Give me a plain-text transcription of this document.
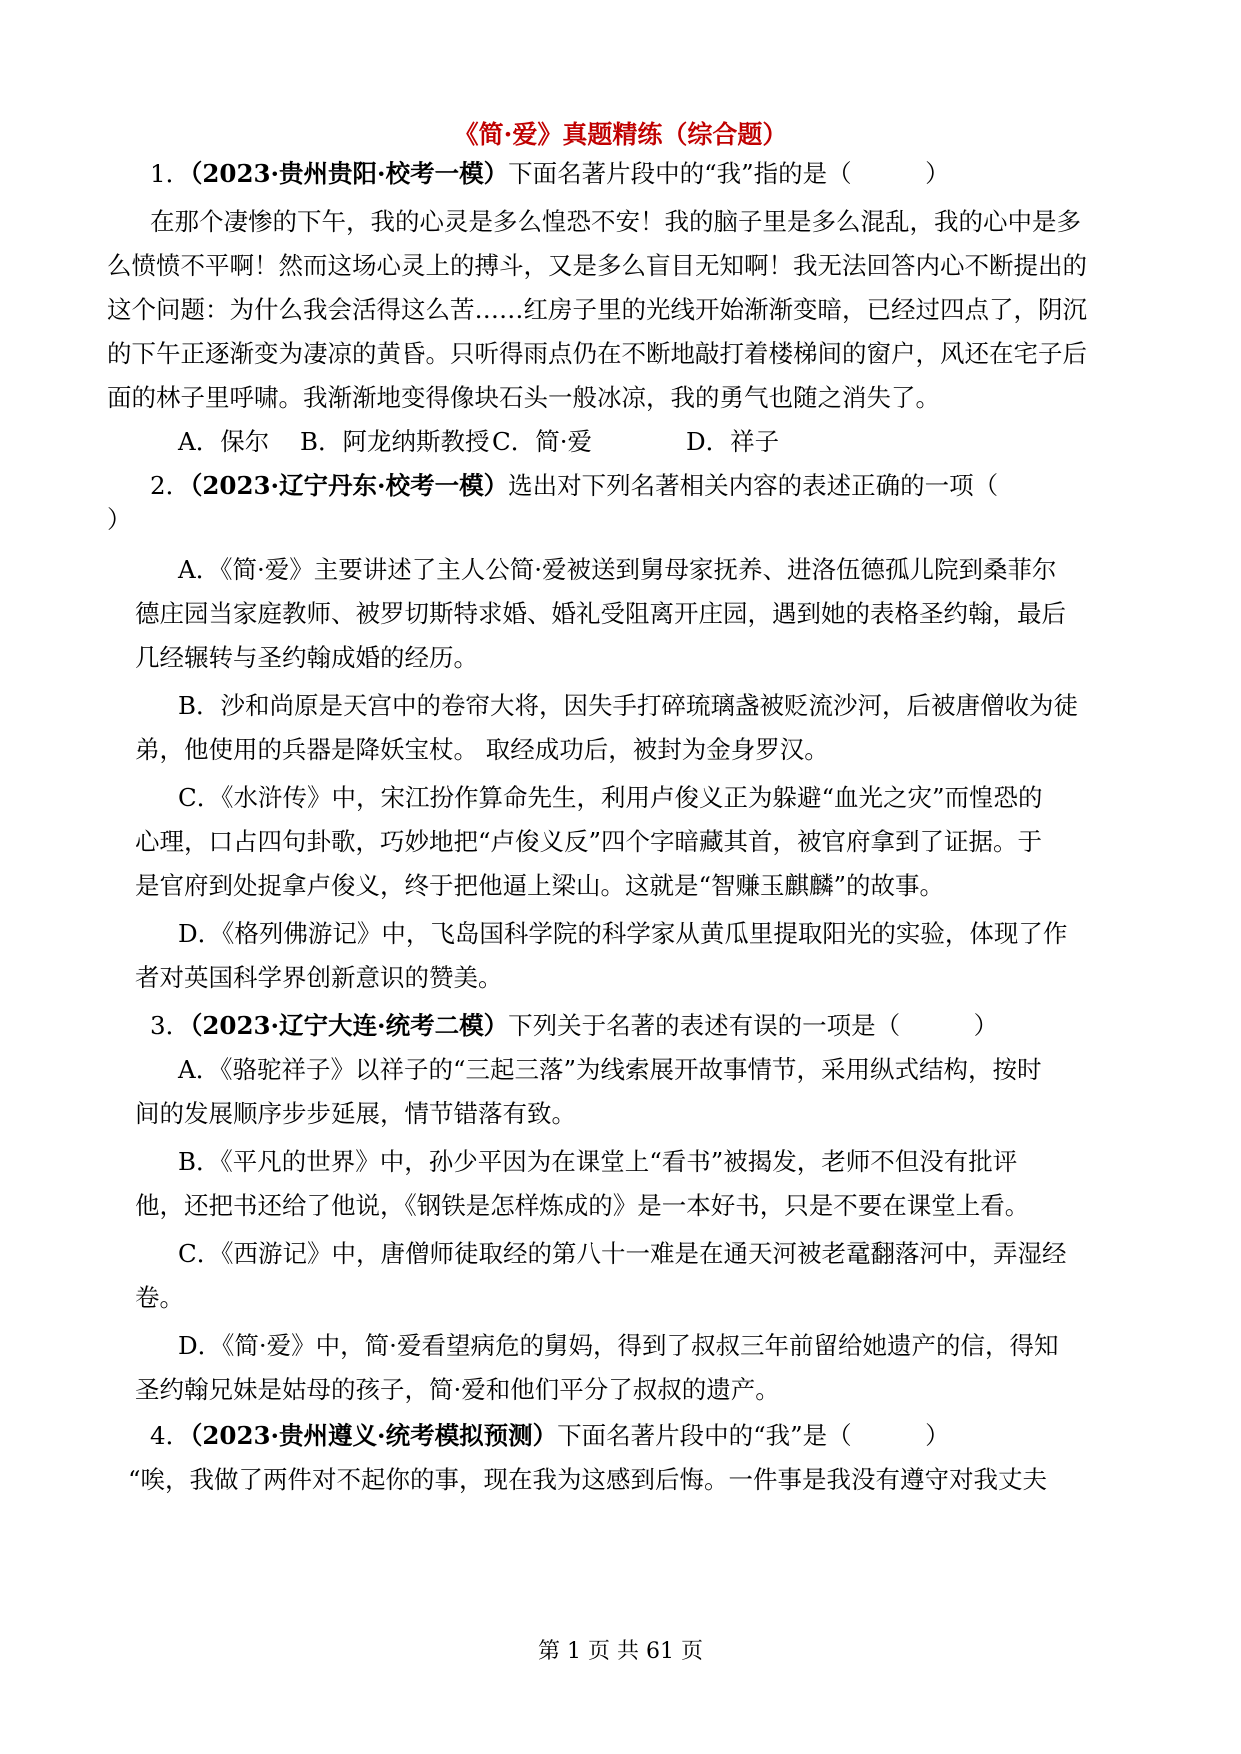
《简·爱》真题精练（综合题）
1．（2023·贵州贵阳·校考一模）下面名著片段中的“我”指的是（　　　）
在那个凄惨的下午，我的心灵是多么惶恐不安！我的脑子里是多么混乱，我的心中是多
么愤愤不平啊！然而这场心灵上的搏斗，又是多么盲目无知啊！我无法回答内心不断提出的
这个问题：为什么我会活得这么苦……红房子里的光线开始渐渐变暗，已经过四点了，阴沉
的下午正逐渐变为凄凉的黄昏。只听得雨点仍在不断地敲打着楼梯间的窗户，风还在宅子后
面的林子里呼啸。我渐渐地变得像块石头一般冰凉，我的勇气也随之消失了。
A．保尔 B．阿龙纳斯教授 C．简·爱	D．祥子
2．（2023·辽宁丹东·校考一模）选出对下列名著相关内容的表述正确的一项（
）
A．《简·爱》主要讲述了主人公简·爱被送到舅母家抚养、进洛伍德孤儿院到桑菲尔
德庄园当家庭教师、被罗切斯特求婚、婚礼受阻离开庄园，遇到她的表格圣约翰，最后
几经辗转与圣约翰成婚的经历。
B．沙和尚原是天宫中的卷帘大将，因失手打碎琉璃盏被贬流沙河，后被唐僧收为徒
弟，他使用的兵器是降妖宝杖。 取经成功后，被封为金身罗汉。
C．《水浒传》中，宋江扮作算命先生，利用卢俊义正为躲避“血光之灾”而惶恐的
心理，口占四句卦歌，巧妙地把“卢俊义反”四个字暗藏其首，被官府拿到了证据。于
是官府到处捉拿卢俊义，终于把他逼上梁山。这就是“智赚玉麒麟”的故事。
D．《格列佛游记》中，飞岛国科学院的科学家从黄瓜里提取阳光的实验，体现了作
者对英国科学界创新意识的赞美。
3．（2023·辽宁大连·统考二模）下列关于名著的表述有误的一项是（　　　）
A．《骆驼祥子》以祥子的“三起三落”为线索展开故事情节，采用纵式结构，按时
间的发展顺序步步延展，情节错落有致。
B．《平凡的世界》中，孙少平因为在课堂上“看书”被揭发，老师不但没有批评
他，还把书还给了他说，《钢铁是怎样炼成的》是一本好书，只是不要在课堂上看。
C．《西游记》中，唐僧师徒取经的第八十一难是在通天河被老鼋翻落河中，弄湿经
卷。
D．《简·爱》中，简·爱看望病危的舅妈，得到了叔叔三年前留给她遗产的信，得知
圣约翰兄妹是姑母的孩子，简·爱和他们平分了叔叔的遗产。
4．（2023·贵州遵义·统考模拟预测）下面名著片段中的“我”是（　　　）
“唉，我做了两件对不起你的事，现在我为这感到后悔。一件事是我没有遵守对我丈夫
第 1 页 共 61 页
